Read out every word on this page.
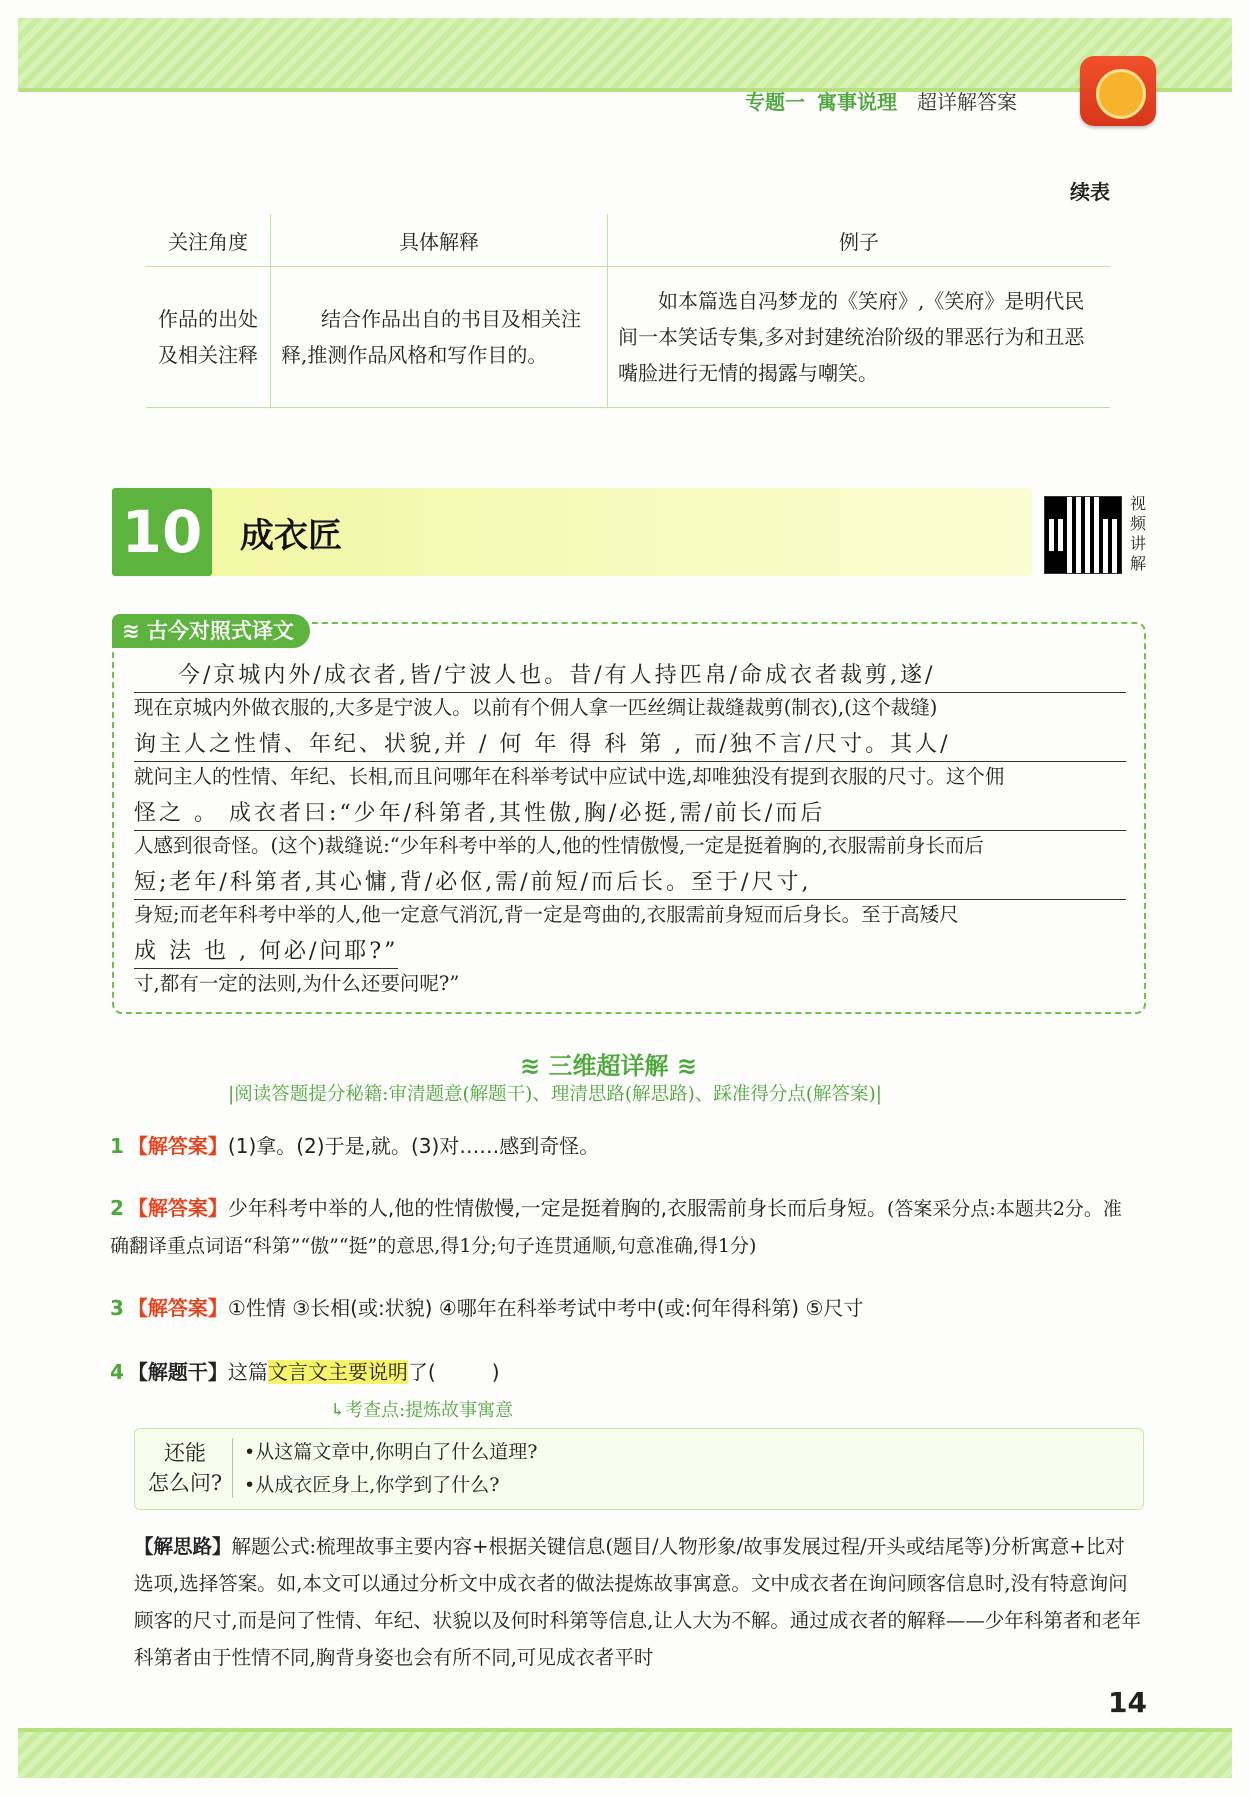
专题一 寓事说理 超详解答案
续表
关注角度	具体解释	例子

作品的出处
及相关注释	结合作品出自的书目及相关注释,推测作品风格和写作目的。	如本篇选自冯梦龙的《笑府》,《笑府》是明代民间一本笑话专集,多对封建统治阶级的罪恶行为和丑恶嘴脸进行无情的揭露与嘲笑。
10 成衣匠
视
频
讲
解
≋ 古今对照式译文
今/京城内外/成衣者,皆/宁波人也。昔/有人持匹帛/命成衣者裁剪,遂/
现在京城内外做衣服的,大多是宁波人。以前有个佣人拿一匹丝绸让裁缝裁剪(制衣),(这个裁缝)
询主人之性情、年纪、状貌,并 / 何 年 得 科 第 , 而/独不言/尺寸。其人/
就问主人的性情、年纪、长相,而且问哪年在科举考试中应试中选,却唯独没有提到衣服的尺寸。这个佣
怪之 。 成衣者曰:“少年/科第者,其性傲,胸/必挺,需/前长/而后
人感到很奇怪。(这个)裁缝说:“少年科考中举的人,他的性情傲慢,一定是挺着胸的,衣服需前身长而后
短;老年/科第者,其心慵,背/必伛,需/前短/而后长。至于/尺寸,
身短;而老年科考中举的人,他一定意气消沉,背一定是弯曲的,衣服需前身短而后身长。至于高矮尺
成 法 也 , 何必/问耶?”
寸,都有一定的法则,为什么还要问呢?”
≋ 三维超详解 ≋
|阅读答题提分秘籍:审清题意(解题干)、理清思路(解思路)、踩准得分点(解答案)|
1 【解答案】(1)拿。(2)于是,就。(3)对……感到奇怪。
2 【解答案】少年科考中举的人,他的性情傲慢,一定是挺着胸的,衣服需前身长而后身短。(答案采分点:本题共2分。准确翻译重点词语“科第”“傲”“挺”的意思,得1分;句子连贯通顺,句意准确,得1分)
3 【解答案】①性情 ③长相(或:状貌) ④哪年在科举考试中考中(或:何年得科第) ⑤尺寸
4 【解题干】这篇文言文主要说明了(	)
↳考查点:提炼故事寓意
还能
怎么问?
•从这篇文章中,你明白了什么道理?
•从成衣匠身上,你学到了什么?
【解思路】解题公式:梳理故事主要内容+根据关键信息(题目/人物形象/故事发展过程/开头或结尾等)分析寓意+比对选项,选择答案。如,本文可以通过分析文中成衣者的做法提炼故事寓意。文中成衣者在询问顾客信息时,没有特意询问顾客的尺寸,而是问了性情、年纪、状貌以及何时科第等信息,让人大为不解。通过成衣者的解释——少年科第者和老年科第者由于性情不同,胸背身姿也会有所不同,可见成衣者平时
14
